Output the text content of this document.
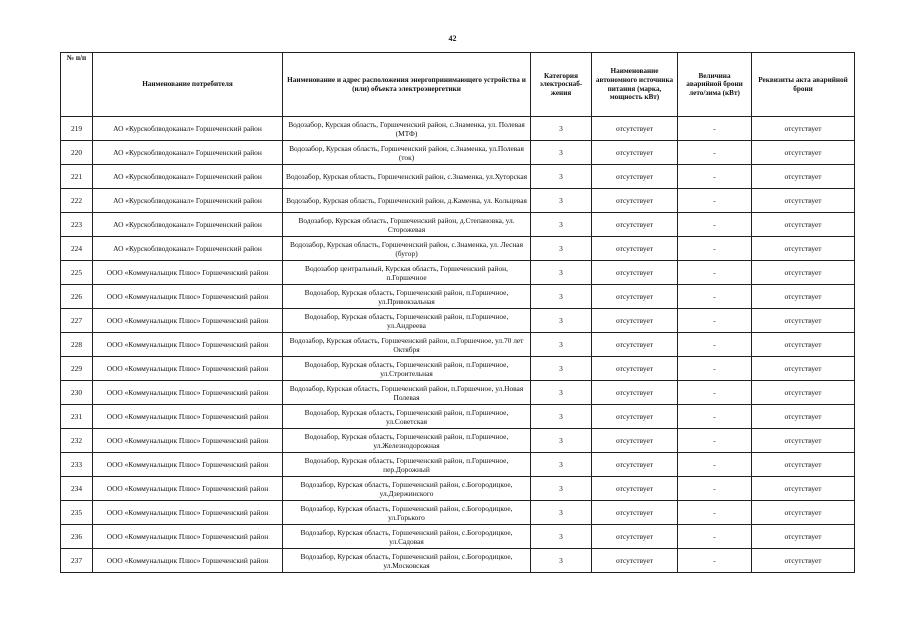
42
№ п/п	Наименование потребителя	Наименование и адрес расположения энергопринимающего устройства и (или) объекта электроэнергетики	Категория электроснаб-жения	Наименование автономного источника питания (марка, мощность кВт)	Величина аварийной брони лето/зима (кВт)	Реквизиты акта аварийной брони
219	АО «Курскоблводоканал» Горшеченский район	Водозабор, Курская область, Горшеченский район, с.Знаменка, ул. Полевая (МТФ)	3	отсутствует	-	отсутствует
220	АО «Курскоблводоканал» Горшеченский район	Водозабор, Курская область, Горшеченский район, с.Знаменка, ул.Полевая (ток)	3	отсутствует	-	отсутствует
221	АО «Курскоблводоканал» Горшеченский район	Водозабор, Курская область, Горшеченский район, с.Знаменка, ул.Хуторская	3	отсутствует	-	отсутствует
222	АО «Курскоблводоканал» Горшеченский район	Водозабор, Курская область, Горшеченский район, д.Каменка, ул. Кольцевая	3	отсутствует	-	отсутствует
223	АО «Курскоблводоканал» Горшеченский район	Водозабор, Курская область, Горшеченский район, д.Степановка, ул. Сторожевая	3	отсутствует	-	отсутствует
224	АО «Курскоблводоканал» Горшеченский район	Водозабор, Курская область, Горшеченский район, с.Знаменка, ул. Лесная (бугор)	3	отсутствует	-	отсутствует
225	ООО «Коммунальщик Плюс» Горшеченский район	Водозабор центральный, Курская область, Горшеченский район, п.Горшечное	3	отсутствует	-	отсутствует
226	ООО «Коммунальщик Плюс» Горшеченский район	Водозабор, Курская область, Горшеченский район, п.Горшечное, ул.Привокзальная	3	отсутствует	-	отсутствует
227	ООО «Коммунальщик Плюс» Горшеченский район	Водозабор, Курская область, Горшеченский район, п.Горшечное, ул.Андреева	3	отсутствует	-	отсутствует
228	ООО «Коммунальщик Плюс» Горшеченский район	Водозабор, Курская область, Горшеченский район, п.Горшечное, ул.70 лет Октября	3	отсутствует	-	отсутствует
229	ООО «Коммунальщик Плюс» Горшеченский район	Водозабор, Курская область, Горшеченский район, п.Горшечное, ул.Строительная	3	отсутствует	-	отсутствует
230	ООО «Коммунальщик Плюс» Горшеченский район	Водозабор, Курская область, Горшеченский район, п.Горшечное, ул.Новая Полевая	3	отсутствует	-	отсутствует
231	ООО «Коммунальщик Плюс» Горшеченский район	Водозабор, Курская область, Горшеченский район, п.Горшечное, ул.Советская	3	отсутствует	-	отсутствует
232	ООО «Коммунальщик Плюс» Горшеченский район	Водозабор, Курская область, Горшеченский район, п.Горшечное, ул.Железнодорожная	3	отсутствует	-	отсутствует
233	ООО «Коммунальщик Плюс» Горшеченский район	Водозабор, Курская область, Горшеченский район, п.Горшечное, пер.Дорожный	3	отсутствует	-	отсутствует
234	ООО «Коммунальщик Плюс» Горшеченский район	Водозабор, Курская область, Горшеченский район, с.Богородицкое, ул.Дзержинского	3	отсутствует	-	отсутствует
235	ООО «Коммунальщик Плюс» Горшеченский район	Водозабор, Курская область, Горшеченский район, с.Богородицкое, ул.Горького	3	отсутствует	-	отсутствует
236	ООО «Коммунальщик Плюс» Горшеченский район	Водозабор, Курская область, Горшеченский район, с.Богородицкое, ул.Садовая	3	отсутствует	-	отсутствует
237	ООО «Коммунальщик Плюс» Горшеченский район	Водозабор, Курская область, Горшеченский район, с.Богородицкое, ул.Московская	3	отсутствует	-	отсутствует
